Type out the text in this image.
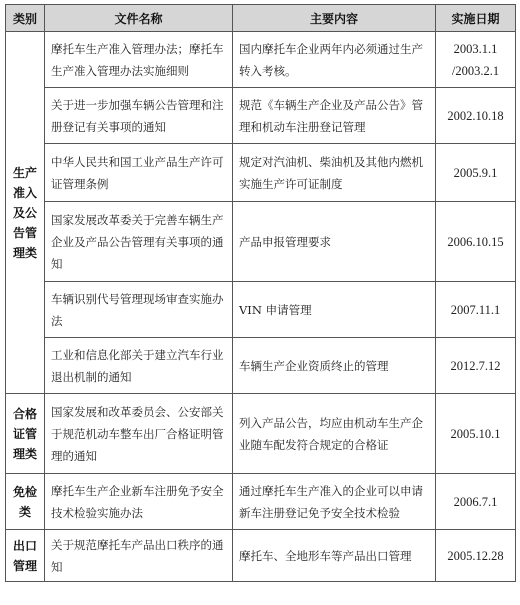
类别	文件名称	主要内容	实施日期
生产准入及公告管理类	摩托车生产准入管理办法；摩托车生产准入管理办法实施细则	国内摩托车企业两年内必须通过生产转入考核。	2003.1.1 /2003.2.1
	关于进一步加强车辆公告管理和注册登记有关事项的通知	规范《车辆生产企业及产品公告》管理和机动车注册登记管理	2002.10.18
	中华人民共和国工业产品生产许可证管理条例	规定对汽油机、柴油机及其他内燃机实施生产许可证制度	2005.9.1
	国家发展改革委关于完善车辆生产企业及产品公告管理有关事项的通知	产品申报管理要求	2006.10.15
	车辆识别代号管理现场审查实施办法	VIN 申请管理	2007.11.1
	工业和信息化部关于建立汽车行业退出机制的通知	车辆生产企业资质终止的管理	2012.7.12
合格证管理类	国家发展和改革委员会、公安部关于规范机动车整车出厂合格证明管理的通知	列入产品公告，均应由机动车生产企业随车配发符合规定的合格证	2005.10.1
免检类	摩托车生产企业新车注册免予安全技术检验实施办法	通过摩托车生产准入的企业可以申请新车注册登记免予安全技术检验	2006.7.1
出口管理	关于规范摩托车产品出口秩序的通知	摩托车、全地形车等产品出口管理	2005.12.28
